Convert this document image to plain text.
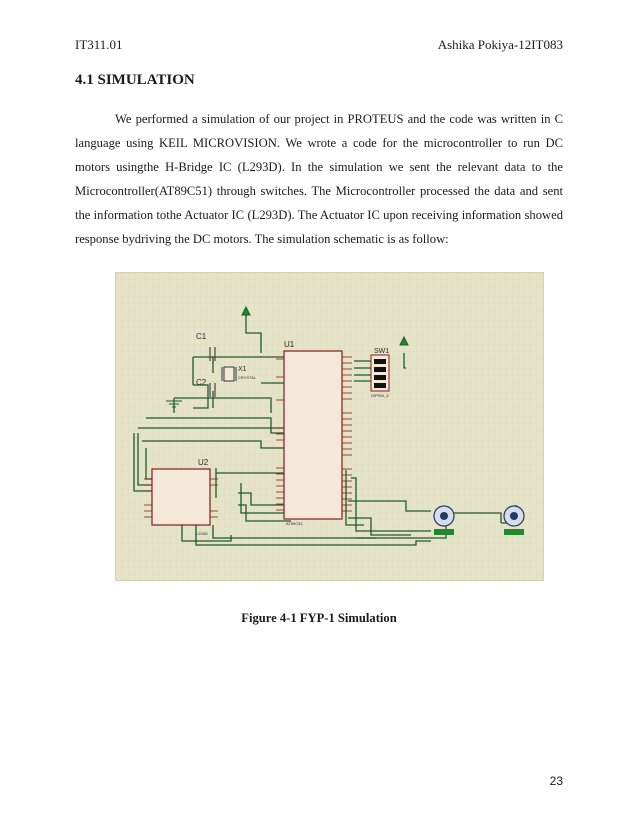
IT311.01	Ashika Pokiya-12IT083
4.1 SIMULATION

We performed a simulation of our project in PROTEUS and the code was written in C language using KEIL MICROVISION. We wrote a code for the microcontroller to run DC motors usingthe H-Bridge IC (L293D). In the simulation we sent the relevant data to the Microcontroller(AT89C51) through switches. The Microcontroller processed the data and sent the information tothe Actuator IC (L293D). The Actuator IC upon receiving information showed response bydriving the DC motors. The simulation schematic is as follow:

C1
C2
X1
CRYSTAL
U1
AT89C51
SW1
DIPSW_4
U2
L293D
Figure 4-1 FYP-1 Simulation
23
